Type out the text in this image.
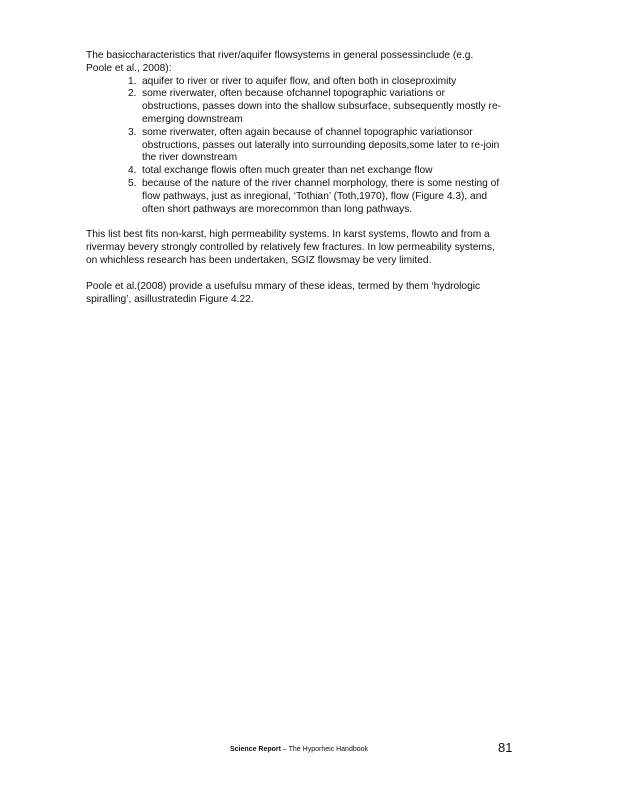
The basiccharacteristics that river/aquifer flowsystems in general possessinclude (e.g. Poole et al., 2008):

1. aquifer to river or river to aquifer flow, and often both in closeproximity
2. some riverwater, often because ofchannel topographic variations or obstructions, passes down into the shallow subsurface, subsequently mostly re-emerging downstream
3. some riverwater, often again because of channel topographic variationsor obstructions, passes out laterally into surrounding deposits,some later to re-join the river downstream
4. total exchange flowis often much greater than net exchange flow
5. because of the nature of the river channel morphology, there is some nesting of flow pathways, just as inregional, ‘Tothian’ (Toth,1970), flow (Figure 4.3), and often short pathways are morecommon than long pathways.

This list best fits non-karst, high permeability systems. In karst systems, flowto and from a rivermay bevery strongly controlled by relatively few fractures. In low permeability systems, on whichless research has been undertaken, SGIZ flowsmay be very limited.

Poole et al.(2008) provide a usefulsu mmary of these ideas, termed by them ‘hydrologic spiralling’, asillustratedin Figure 4.22.

Science Report – The Hyporheic Handbook	81
